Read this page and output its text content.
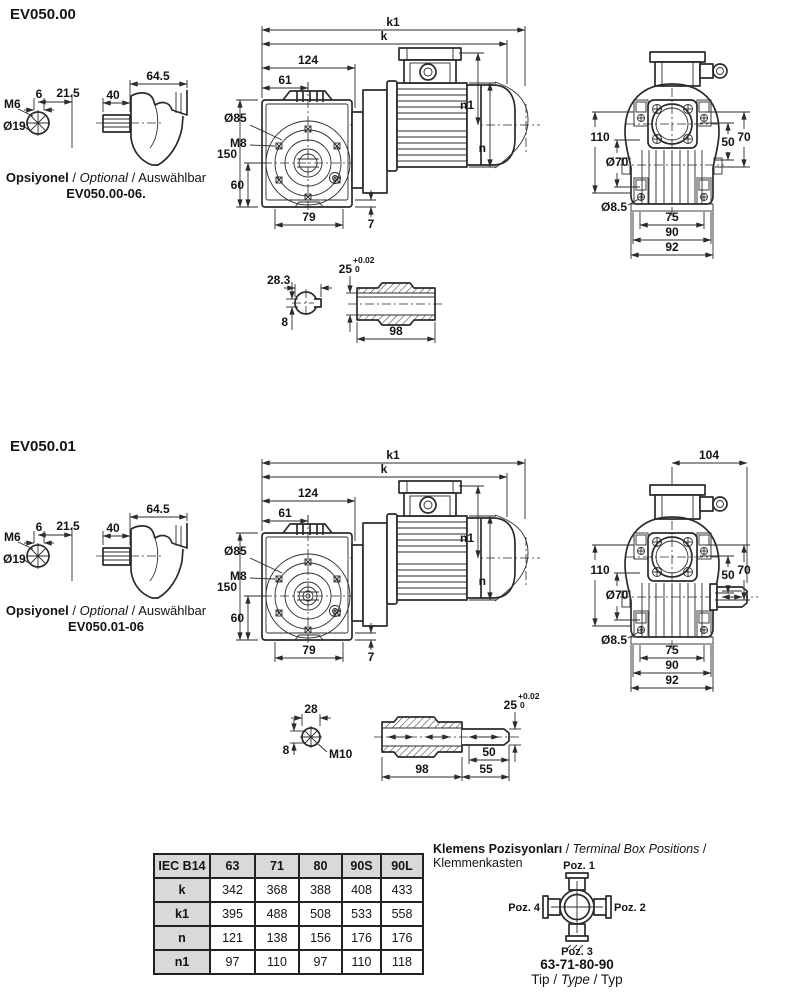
EV050.00
M6
6 21.5
Ø19
40
64.5
Opsiyonel / Optional / Auswählbar
EV050.00-06.
k1
k
124
61
150
60
Ø85
M8
n1
n
79	7
110
Ø70
Ø8.5
50 70
75
90
92
28.3
8
25
+0.02
0
98
EV050.01
M6
6 21.5
Ø19
40
64.5
Opsiyonel / Optional / Auswählbar
EV050.01-06
k1
k
124
61
150
60
Ø85
M8
n1
n
79	7
104
110
Ø70
Ø8.5
50 70
75
90
92
28
8	M10	50
98	55
25
+0.02
0
IEC B14	63	71	80	90S	90L
k	342	368	388	408	433
k1	395	488	508	533	558
n	121	138	156	176	176
n1	97	110	97	110	118
Klemens Pozisyonları / Terminal Box Positions / Klemmenkasten	Poz. 1
Poz. 2
Poz. 3
Poz. 4
63-71-80-90
Tip / Type / Typ
